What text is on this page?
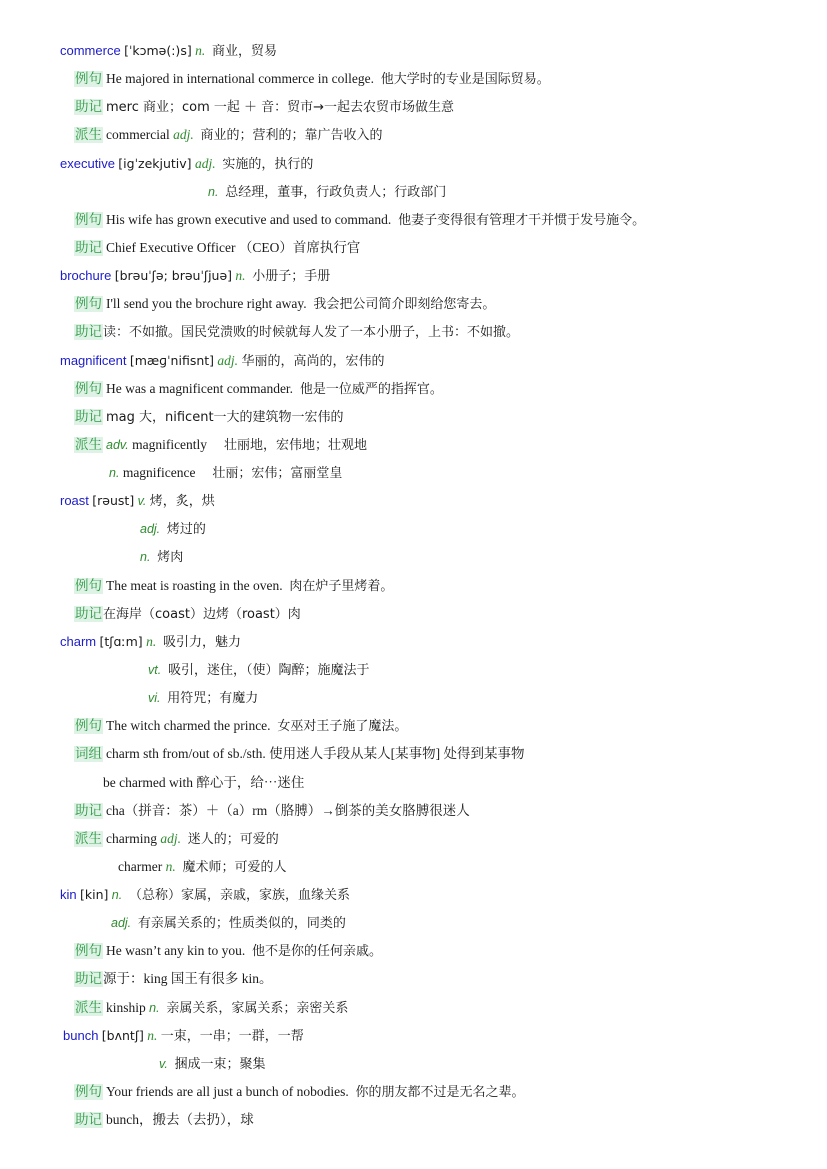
commerce [ˈkɔmə(:)s] n. 商业，贸易
例句 He majored in international commerce in college. 他大学时的专业是国际贸易。
助记 merc 商业；com 一起 ＋ 音：贸市→一起去农贸市场做生意
派生 commercial adj. 商业的；营利的；靠广告收入的
executive [igˈzekjutiv] adj. 实施的，执行的
n. 总经理，董事，行政负责人；行政部门
例句 His wife has grown executive and used to command. 他妻子变得很有管理才干并惯于发号施令。
助记 Chief Executive Officer （CEO）首席执行官
brochure [brəuˈʃə; brəuˈʃjuə] n. 小册子；手册
例句 I'll send you the brochure right away. 我会把公司简介即刻给您寄去。
助记读：不如撤。国民党溃败的时候就每人发了一本小册子，上书：不如撤。
magnificent [mæɡˈnifisnt] adj. 华丽的，高尚的，宏伟的
例句 He was a magnificent commander. 他是一位威严的指挥官。
助记 mag 大，nificent一大的建筑物一宏伟的
派生 adv. magnificently 壮丽地，宏伟地；壮观地
n. magnificence 壮丽；宏伟；富丽堂皇
roast [rəust] v. 烤，炙，烘
adj. 烤过的
n. 烤肉
例句 The meat is roasting in the oven. 肉在炉子里烤着。
助记在海岸（coast）边烤（roast）肉
charm [tʃɑːm] n. 吸引力，魅力
vt. 吸引，迷住，（使）陶醉；施魔法于
vi. 用符咒；有魔力
例句 The witch charmed the prince. 女巫对王子施了魔法。
词组 charm sth from/out of sb./sth. 使用迷人手段从某人[某事物] 处得到某事物
be charmed with 醉心于，给⋯迷住
助记 cha（拼音：茶）＋（a）rm（胳膊）→倒茶的美女胳膊很迷人
派生 charming adj. 迷人的；可爱的
charmer n. 魔术师；可爱的人
kin [kin] n. （总称）家属，亲戚，家族，血缘关系
adj. 有亲属关系的；性质类似的，同类的
例句 He wasn’t any kin to you. 他不是你的任何亲戚。
助记源于：king 国王有很多 kin。
派生 kinship n. 亲属关系，家属关系；亲密关系
bunch [bʌntʃ] n. 一束，一串；一群，一帮
v. 捆成一束；聚集
例句 Your friends are all just a bunch of nobodies. 你的朋友都不过是无名之辈。
助记 bunch，搬去（去扔），球
